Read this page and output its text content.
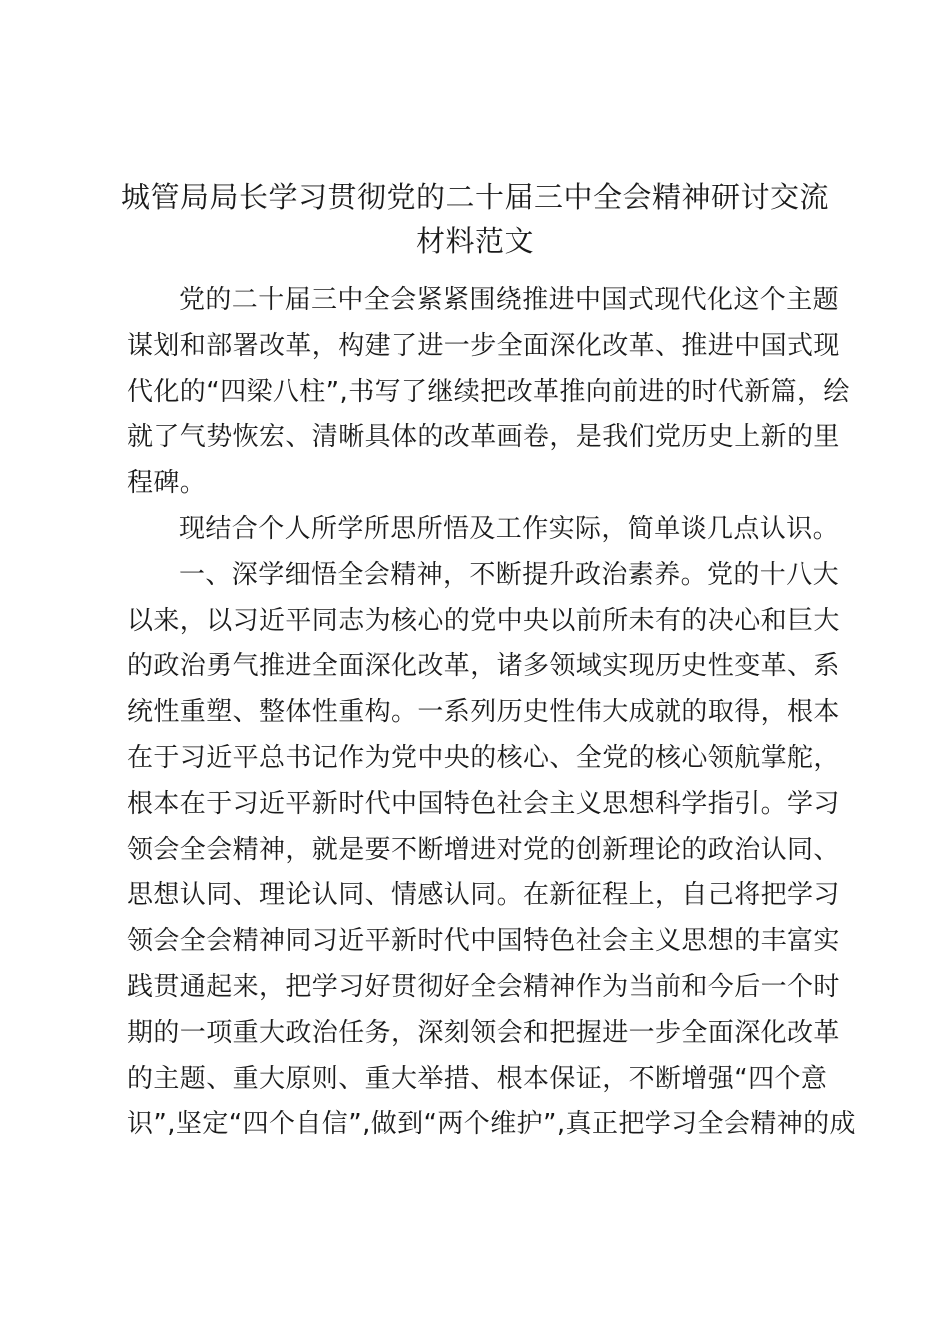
城管局局长学习贯彻党的二十届三中全会精神研讨交流
材料范文
党的二十届三中全会紧紧围绕推进中国式现代化这个主题
谋划和部署改革，构建了进一步全面深化改革、推进中国式现
代化的“四梁八柱”,书写了继续把改革推向前进的时代新篇，绘
就了气势恢宏、清晰具体的改革画卷，是我们党历史上新的里
程碑。
现结合个人所学所思所悟及工作实际，简单谈几点认识。
一、深学细悟全会精神，不断提升政治素养。党的十八大
以来，以习近平同志为核心的党中央以前所未有的决心和巨大
的政治勇气推进全面深化改革，诸多领域实现历史性变革、系
统性重塑、整体性重构。一系列历史性伟大成就的取得，根本
在于习近平总书记作为党中央的核心、全党的核心领航掌舵，
根本在于习近平新时代中国特色社会主义思想科学指引。学习
领会全会精神，就是要不断增进对党的创新理论的政治认同、
思想认同、理论认同、情感认同。在新征程上，自己将把学习
领会全会精神同习近平新时代中国特色社会主义思想的丰富实
践贯通起来，把学习好贯彻好全会精神作为当前和今后一个时
期的一项重大政治任务，深刻领会和把握进一步全面深化改革
的主题、重大原则、重大举措、根本保证，不断增强“四个意
识”,坚定“四个自信”,做到“两个维护”,真正把学习全会精神的成
